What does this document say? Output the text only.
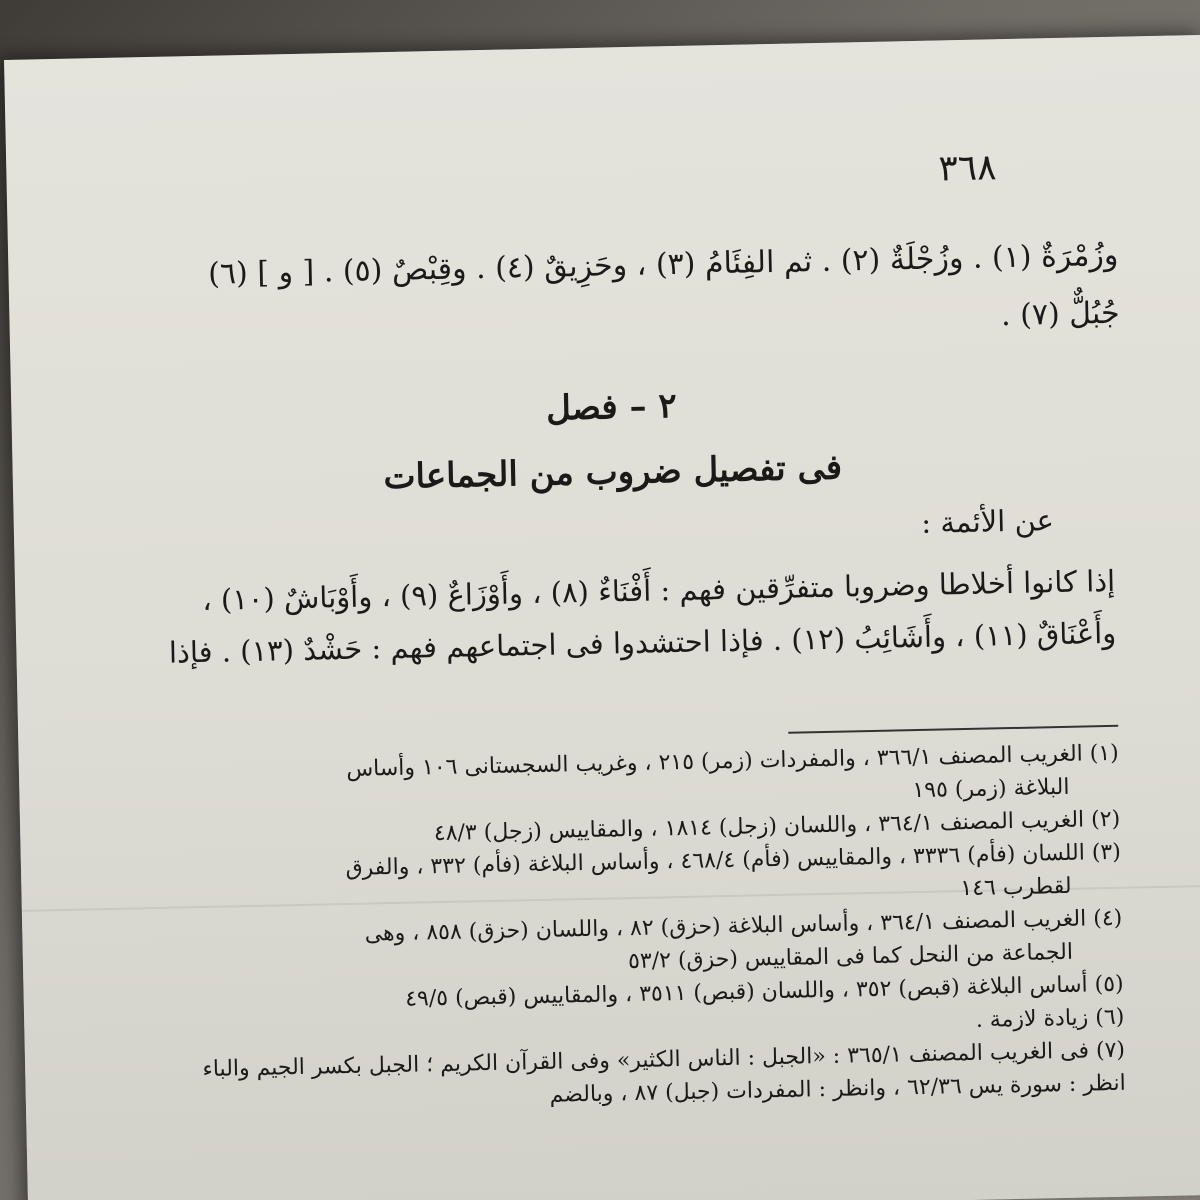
٣٦٨
وزُمْرَةٌ (١) . وزُجْلَةٌ (٢) . ثم الفِئَامُ (٣) ، وحَزِيقٌ (٤) . وقِبْصٌ (٥) . [ و ] (٦)
جُبُلٌّ (٧) .
٢ – فصل
فى تفصيل ضروب من الجماعات
عن الأئمة :
إذا كانوا أخلاطا وضروبا متفرِّقين فهم : أَفْنَاءٌ (٨) ، وأَوْزَاعٌ (٩) ، وأَوْبَاشٌ (١٠) ،
وأَعْنَاقٌ (١١) ، وأَشَائِبُ (١٢) . فإذا احتشدوا فى اجتماعهم فهم : حَشْدٌ (١٣) . فإذا

(١) الغريب المصنف ٣٦٦/١ ، والمفردات (زمر) ٢١٥ ، وغريب السجستانى ١٠٦ وأساس

البلاغة (زمر) ١٩٥

(٢) الغريب المصنف ٣٦٤/١ ، واللسان (زجل) ١٨١٤ ، والمقاييس (زجل) ٤٨/٣

(٣) اللسان (فأم) ٣٣٣٦ ، والمقاييس (فأم) ٤٦٨/٤ ، وأساس البلاغة (فأم) ٣٣٢ ، والفرق

لقطرب ١٤٦

(٤) الغريب المصنف ٣٦٤/١ ، وأساس البلاغة (حزق) ٨٢ ، واللسان (حزق) ٨٥٨ ، وهى

الجماعة من النحل كما فى المقاييس (حزق) ٥٣/٢

(٥) أساس البلاغة (قبص) ٣٥٢ ، واللسان (قبص) ٣٥١١ ، والمقاييس (قبص) ٤٩/٥

(٦) زيادة لازمة .

(٧) فى الغريب المصنف ٣٦٥/١ : «الجبل : الناس الكثير» وفى القرآن الكريم ؛ الجبل بكسر الجيم والباء

انظر : سورة يس ٦٢/٣٦ ، وانظر : المفردات (جبل) ٨٧ ، وبالضم
